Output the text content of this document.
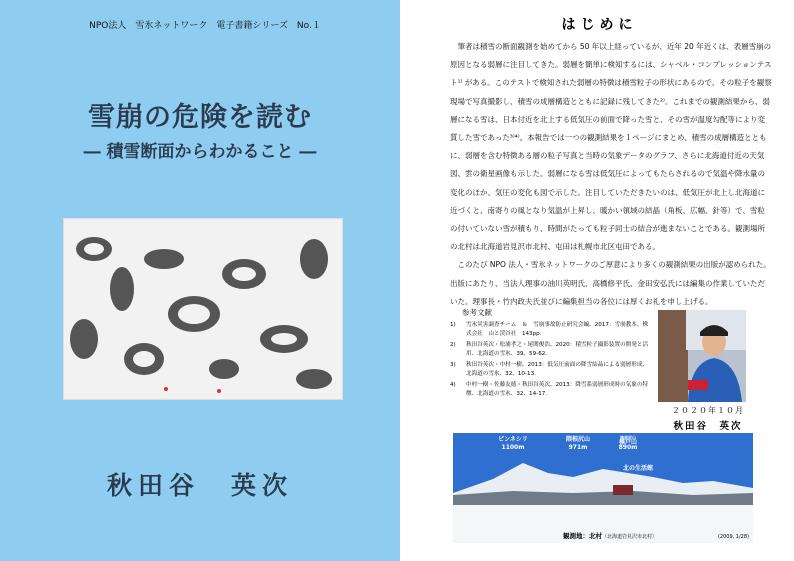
NPO法人　雪氷ネットワーク　電子書籍シリーズ　No.１
雪崩の危険を読む
― 積雪断面からわかること ―
秋田谷　英次
はじめに

筆者は積雪の断面観測を始めてから 50 年以上経っているが、近年 20 年近くは、表層雪崩の原因となる弱層に注目してきた。弱層を簡単に検知するには、シャベル・コンプレッションテスト¹⁾ がある。このテストで検知された弱層の特徴は積雪粒子の形状にあるので、その粒子を観察現場で写真撮影し、積雪の成層構造とともに記録に残してきた²⁾。これまでの観測結果から、弱層になる雪は、日本付近を北上する低気圧の前面で降った雪と、その雪が温度勾配等により変質した雪であった³⁾⁴⁾。本報告では一つの観測結果を１ページにまとめ、積雪の成層構造とともに、弱層を含む特徴ある層の粒子写真と当時の気象データのグラフ、さらに北海道付近の天気図、雲の衛星画像も示した。弱層になる雪は低気圧によってもたらされるので気温や降水量の変化のほか、気圧の変化も図で示した。注目していただきたいのは、低気圧が北上し北海道に近づくと、南寄りの風となり気温が上昇し、暖かい領域の結晶（角板、広幅、針等）で、雪粒の付いていない雪が積もり、時間がたっても粒子同士の結合が進まないことである。観測場所の北村は北海道岩見沢市北村、屯田は札幌市北区屯田である。

このたび NPO 法人・雪氷ネットワークのご厚意により多くの観測結果の出版が認められた。出版にあたり、当法人理事の油川英明氏、高橋修平氏、金田安弘氏には編集の作業していただいた。理事長・竹内政夫氏並びに編集担当の各位には厚くお礼を申し上げる。

参考文献
1)	雪氷災害調査チーム　＆　雪崩事故防止研究会編、2017：雪崩教本、株式会社　山と渓谷社　143pp.
2)	秋田谷英次・松浦孝之・尾関俊浩、2020：積雪粒子撮影装置の開発と活用、北海道の雪氷、39、59-62.
3)	秋田谷英次・中村一樹、2013：低気圧前面の降雪結晶による弱層形成、北海道の雪氷、32、10-13.
4)	中村一樹・佐藤友徳・秋田谷英次、2013：降雪系弱層形成時の気象の特徴、北海道の雪氷、32、14-17.
２０２０年１０月
秋田谷　英次
ピンネシリ
1100m
隈根尻山
971m
神居尻山
樺戸山
890m
北の生活館
観測地：北村（北海道岩見沢市北村）	(2009, 1/28)
